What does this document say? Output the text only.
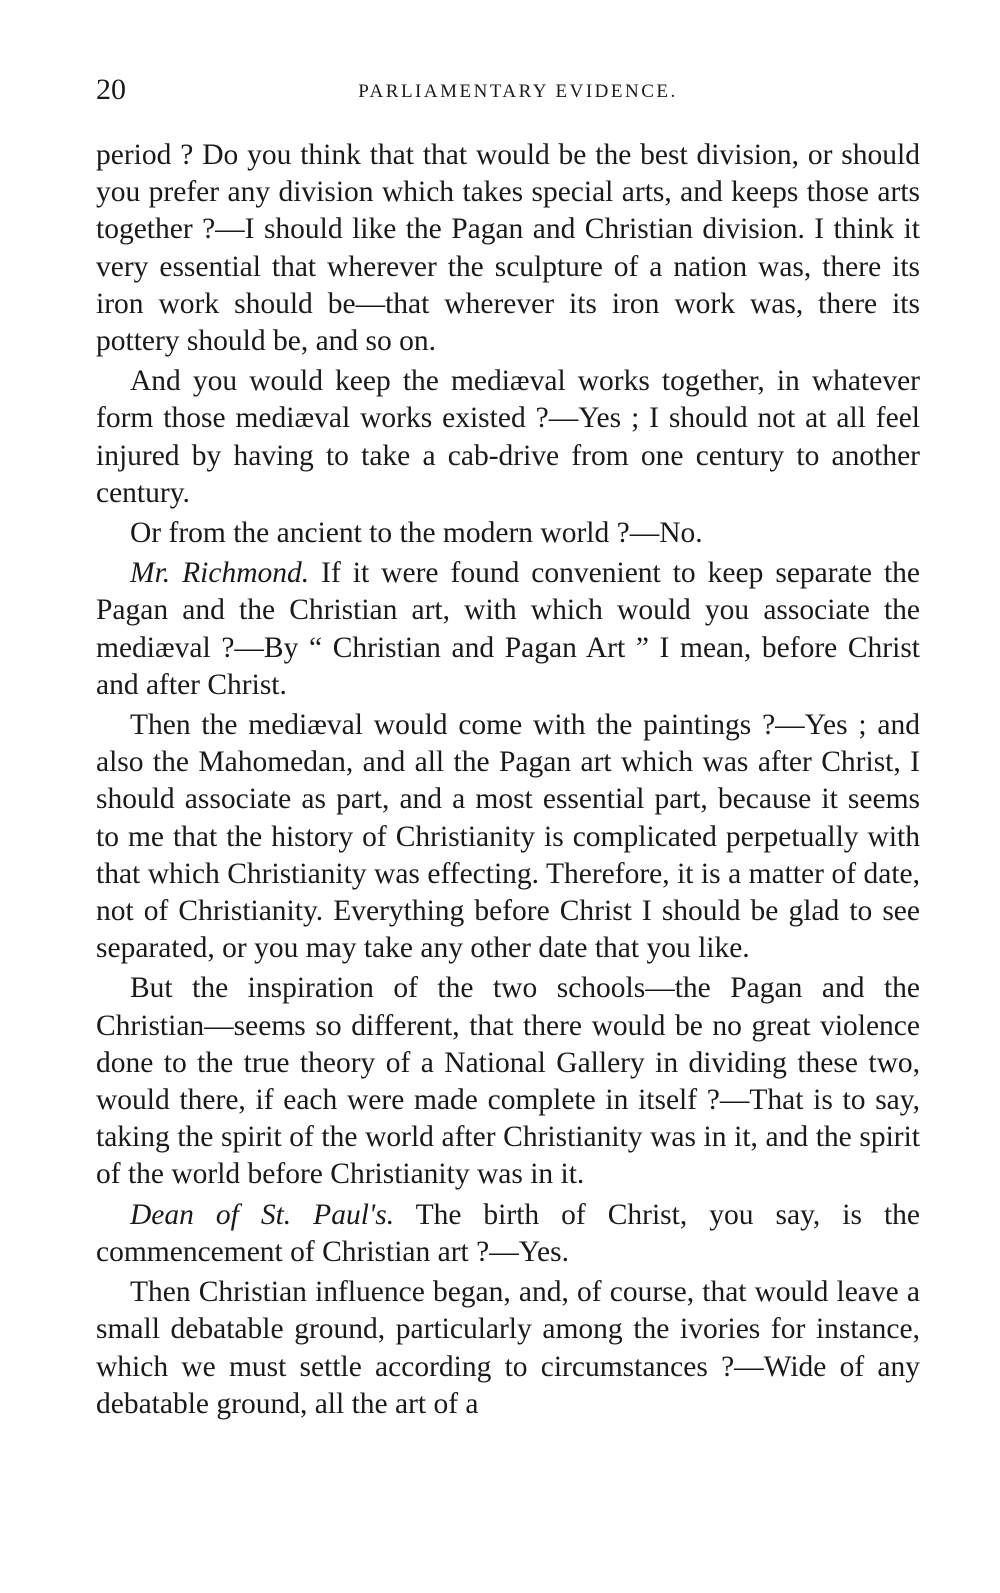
20	PARLIAMENTARY EVIDENCE.

period ? Do you think that that would be the best division, or should you prefer any division which takes special arts, and keeps those arts together ?—I should like the Pagan and Christian division. I think it very essential that wherever the sculpture of a nation was, there its iron work should be—that wherever its iron work was, there its pottery should be, and so on.

And you would keep the mediæval works together, in whatever form those mediæval works existed ?—Yes ; I should not at all feel injured by having to take a cab-drive from one century to another century.

Or from the ancient to the modern world ?—No.

Mr. Richmond. If it were found convenient to keep separate the Pagan and the Christian art, with which would you associate the mediæval ?—By “ Christian and Pagan Art ” I mean, before Christ and after Christ.

Then the mediæval would come with the paintings ?—Yes ; and also the Mahomedan, and all the Pagan art which was after Christ, I should associate as part, and a most essential part, because it seems to me that the history of Christianity is complicated perpetually with that which Christianity was effecting. Therefore, it is a matter of date, not of Christianity. Everything before Christ I should be glad to see separated, or you may take any other date that you like.

But the inspiration of the two schools—the Pagan and the Christian—seems so different, that there would be no great violence done to the true theory of a National Gallery in dividing these two, would there, if each were made complete in itself ?—That is to say, taking the spirit of the world after Christianity was in it, and the spirit of the world before Christianity was in it.

Dean of St. Paul's. The birth of Christ, you say, is the commencement of Christian art ?—Yes.

Then Christian influence began, and, of course, that would leave a small debatable ground, particularly among the ivories for instance, which we must settle according to circumstances ?—Wide of any debatable ground, all the art of a
